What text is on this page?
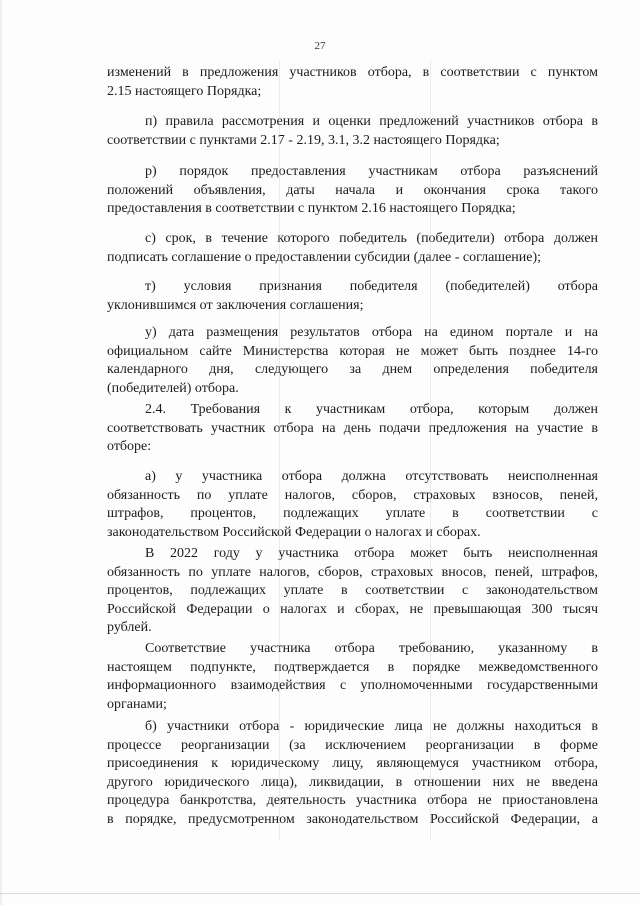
27
изменений в предложения участников отбора, в соответствии с пунктом
2.15 настоящего Порядка;
п) правила рассмотрения и оценки предложений участников отбора в
соответствии с пунктами 2.17 - 2.19, 3.1, 3.2 настоящего Порядка;
р) порядок предоставления участникам отбора разъяснений
положений объявления, даты начала и окончания срока такого
предоставления в соответствии с пунктом 2.16 настоящего Порядка;
с) срок, в течение которого победитель (победители) отбора должен
подписать соглашение о предоставлении субсидии (далее - соглашение);
т) условия признания победителя (победителей) отбора
уклонившимся от заключения соглашения;
у) дата размещения результатов отбора на едином портале и на
официальном сайте Министерства которая не может быть позднее 14-го
календарного дня, следующего за днем определения победителя
(победителей) отбора.
2.4. Требования к участникам отбора, которым должен
соответствовать участник отбора на день подачи предложения на участие в
отборе:
а) у участника отбора должна отсутствовать неисполненная
обязанность по уплате налогов, сборов, страховых взносов, пеней,
штрафов, процентов, подлежащих уплате в соответствии с
законодательством Российской Федерации о налогах и сборах.
В 2022 году у участника отбора может быть неисполненная
обязанность по уплате налогов, сборов, страховых вносов, пеней, штрафов,
процентов, подлежащих уплате в соответствии с законодательством
Российской Федерации о налогах и сборах, не превышающая 300 тысяч
рублей.
Соответствие участника отбора требованию, указанному в
настоящем подпункте, подтверждается в порядке межведомственного
информационного взаимодействия с уполномоченными государственными
органами;
б) участники отбора - юридические лица не должны находиться в
процессе реорганизации (за исключением реорганизации в форме
присоединения к юридическому лицу, являющемуся участником отбора,
другого юридического лица), ликвидации, в отношении них не введена
процедура банкротства, деятельность участника отбора не приостановлена
в порядке, предусмотренном законодательством Российской Федерации, а
